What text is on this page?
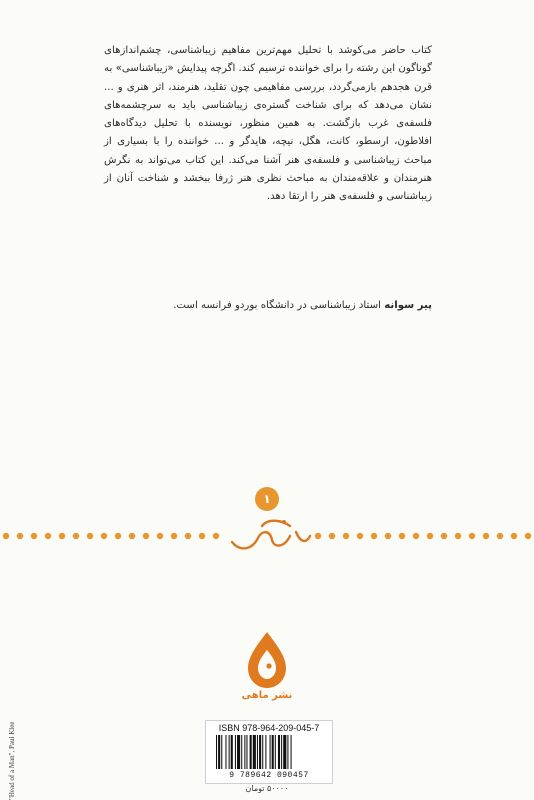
کتاب حاضر می‌کوشد با تحلیل مهم‌ترین مفاهیم زیباشناسی، چشم‌اندازهای گوناگون این رشته را برای خواننده ترسیم کند. اگرچه پیدایش «زیباشناسی» به قرن هجدهم بازمی‌گردد، بررسی مفاهیمی چون تقلید، هنرمند، اثر هنری و ... نشان می‌دهد که برای شناخت گستره‌ی زیباشناسی باید به سرچشمه‌های فلسفه‌ی غرب بازگشت. به همین منظور، نویسنده با تحلیل دیدگاه‌های افلاطون، ارسطو، کانت، هگل، نیچه، هایدگر و ... خواننده را با بسیاری از مباحث زیباشناسی و فلسفه‌ی هنر آشنا می‌کند. این کتاب می‌تواند به نگرش هنرمندان و علاقه‌مندان به مباحث نظری هنر ژرفا ببخشد و شناخت آنان از زیباشناسی و فلسفه‌ی هنر را ارتقا دهد.

پیر سوانه استاد زیباشناسی در دانشگاه بوردو فرانسه است.
۱
نشر ماهی
"Head of a Man", Paul Klee	ISBN 978-964-209-045-7
9 789642 090457
۵۰۰۰۰ تومان
